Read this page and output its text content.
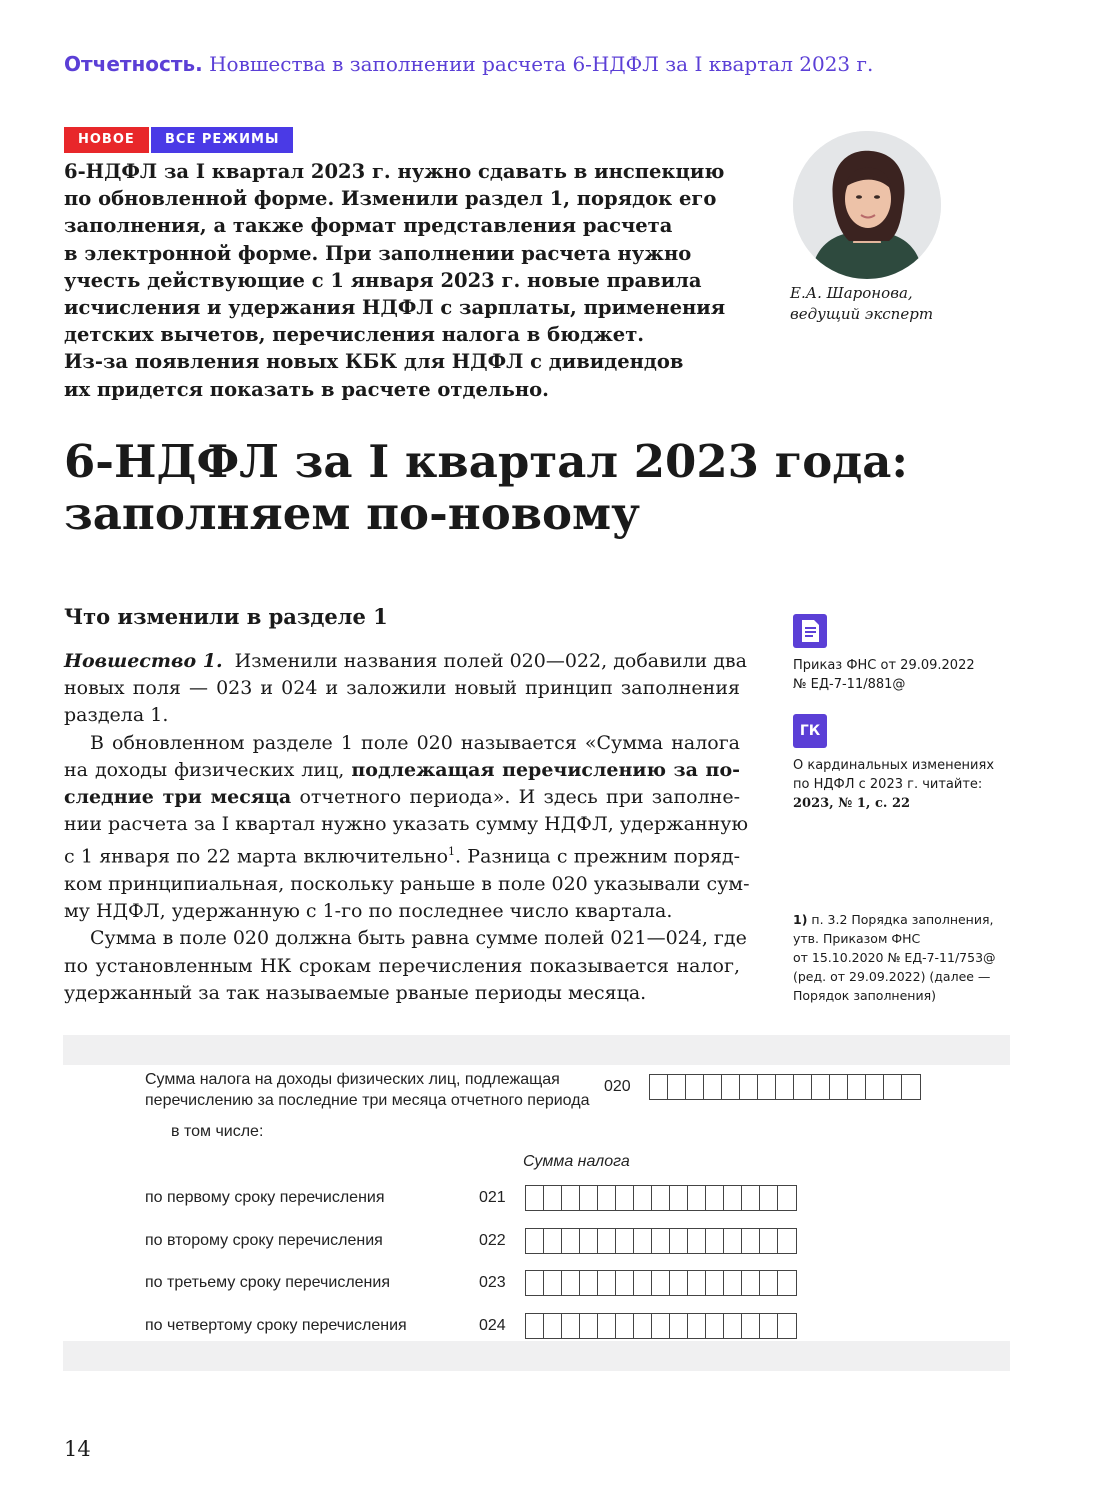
Отчетность. Новшества в заполнении расчета 6-НДФЛ за I квартал 2023 г.
НОВОЕ	ВСЕ РЕЖИМЫ
6-НДФЛ за I квартал 2023 г. нужно сдавать в инспекцию
по обновленной форме. Изменили раздел 1, порядок его
заполнения, а также формат представления расчета
в электронной форме. При заполнении расчета нужно
учесть действующие с 1 января 2023 г. новые правила
исчисления и удержания НДФЛ с зарплаты, применения
детских вычетов, перечисления налога в бюджет.
Из-за появления новых КБК для НДФЛ с дивидендов
их придется показать в расчете отдельно.
Е.А. Шаронова,
ведущий эксперт
6-НДФЛ за I квартал 2023 года:
заполняем по-новому
Что изменили в разделе 1
Новшество 1. Изменили названия полей 020—022, добавили два
новых поля — 023 и 024 и заложили новый принцип заполнения
раздела 1.
В обновленном разделе 1 поле 020 называется «Сумма налога
на доходы физических лиц, подлежащая перечислению за по-
следние три месяца отчетного периода». И здесь при заполне-
нии расчета за I квартал нужно указать сумму НДФЛ, удержанную
с 1 января по 22 марта включительно$^1$. Разница с прежним поряд-
ком принципиальная, поскольку раньше в поле 020 указывали сум-
му НДФЛ, удержанную с 1-го по последнее число квартала.
Сумма в поле 020 должна быть равна сумме полей 021—024, где
по установленным НК срокам перечисления показывается налог,
удержанный за так называемые рваные периоды месяца.
Приказ ФНС от 29.09.2022
№ ЕД-7-11/881@
ГК
О кардинальных изменениях
по НДФЛ с 2023 г. читайте:
2023, № 1, с. 22
1) п. 3.2 Порядка заполнения,
утв. Приказом ФНС
от 15.10.2020 № ЕД-7-11/753@
(ред. от 29.09.2022) (далее —
Порядок заполнения)
Сумма налога на доходы физических лиц, подлежащая
перечислению за последние три месяца отчетного периода
020
в том числе:
Сумма налога
по первому сроку перечисления	021
по второму сроку перечисления	022
по третьему сроку перечисления	023
по четвертому сроку перечисления	024
14
